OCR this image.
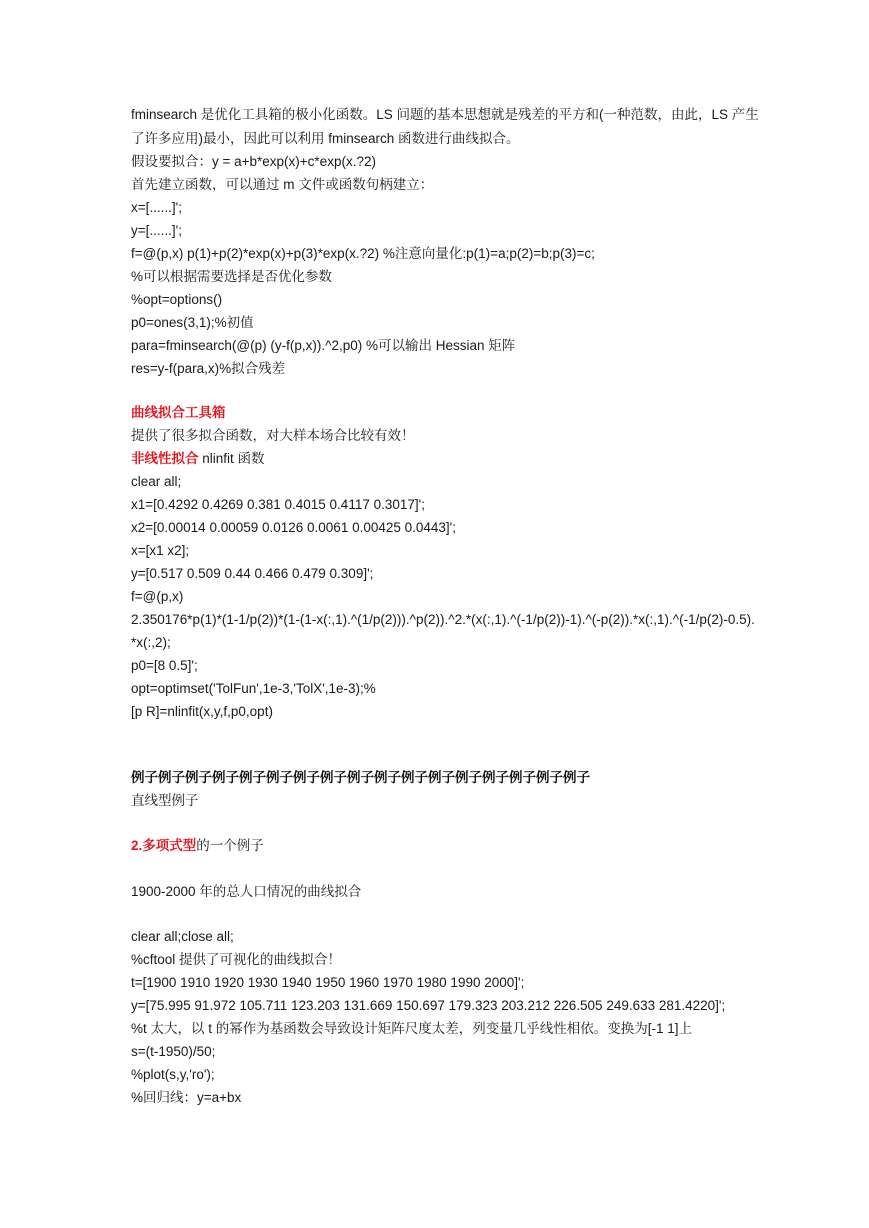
fminsearch 是优化工具箱的极小化函数。LS 问题的基本思想就是残差的平方和(一种范数，由此，LS 产生
了许多应用)最小，因此可以利用 fminsearch 函数进行曲线拟合。
假设要拟合：y = a+b*exp(x)+c*exp(x.?2)
首先建立函数，可以通过 m 文件或函数句柄建立：
x=[......]';
y=[......]';
f=@(p,x) p(1)+p(2)*exp(x)+p(3)*exp(x.?2) %注意向量化:p(1)=a;p(2)=b;p(3)=c;
%可以根据需要选择是否优化参数
%opt=options()
p0=ones(3,1);%初值
para=fminsearch(@(p) (y-f(p,x)).^2,p0) %可以输出 Hessian 矩阵
res=y-f(para,x)%拟合残差
曲线拟合工具箱
提供了很多拟合函数，对大样本场合比较有效！
非线性拟合 nlinfit 函数
clear all;
x1=[0.4292 0.4269 0.381 0.4015 0.4117 0.3017]';
x2=[0.00014 0.00059 0.0126 0.0061 0.00425 0.0443]';
x=[x1 x2];
y=[0.517 0.509 0.44 0.466 0.479 0.309]';
f=@(p,x)
2.350176*p(1)*(1-1/p(2))*(1-(1-x(:,1).^(1/p(2))).^p(2)).^2.*(x(:,1).^(-1/p(2))-1).^(-p(2)).*x(:,1).^(-1/p(2)-0.5).
*x(:,2);
p0=[8 0.5]';
opt=optimset('TolFun',1e-3,'TolX',1e-3);%
[p R]=nlinfit(x,y,f,p0,opt)
例子例子例子例子例子例子例子例子例子例子例子例子例子例子例子例子例子
直线型例子
2.多项式型的一个例子
1900-2000 年的总人口情况的曲线拟合
clear all;close all;
%cftool 提供了可视化的曲线拟合！
t=[1900 1910 1920 1930 1940 1950 1960 1970 1980 1990 2000]';
y=[75.995 91.972 105.711 123.203 131.669 150.697 179.323 203.212 226.505 249.633 281.4220]';
%t 太大，以 t 的幂作为基函数会导致设计矩阵尺度太差，列变量几乎线性相依。变换为[-1 1]上
s=(t-1950)/50;
%plot(s,y,'ro');
%回归线：y=a+bx
